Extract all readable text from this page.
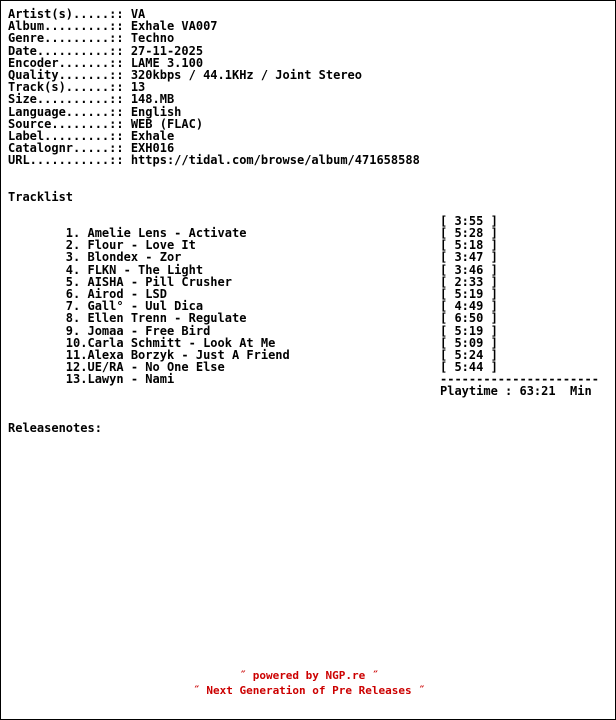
Artist(s).....:: VA
Album.........:: Exhale VA007
Genre.........:: Techno
Date..........:: 27-11-2025
Encoder.......:: LAME 3.100
Quality.......:: 320kbps / 44.1KHz / Joint Stereo
Track(s)......:: 13
Size..........:: 148.MB
Language......:: English
Source........:: WEB (FLAC)
Label.........:: Exhale
Catalognr.....:: EXH016
URL...........:: https://tidal.com/browse/album/471658588
Tracklist

1. Amelie Lens - Activate

[ 3:55 ]

2. Flour - Love It

[ 5:28 ]

3. Blondex - Zor

[ 5:18 ]

4. FLKN - The Light

[ 3:47 ]

5. AISHA - Pill Crusher

[ 3:46 ]

6. Airod - LSD

[ 2:33 ]

7. Gall° - Uul Dica

[ 5:19 ]

8. Ellen Trenn - Regulate

[ 4:49 ]

9. Jomaa - Free Bird

[ 6:50 ]

10.Carla Schmitt - Look At Me

[ 5:19 ]

11.Alexa Borzyk - Just A Friend

[ 5:09 ]

12.UE/RA - No One Else

[ 5:24 ]

13.Lawyn - Nami

[ 5:44 ]

----------------------
Playtime : 63:21  Min
Releasenotes:
˝ powered by NGP.re ˝
˝ Next Generation of Pre Releases ˝
